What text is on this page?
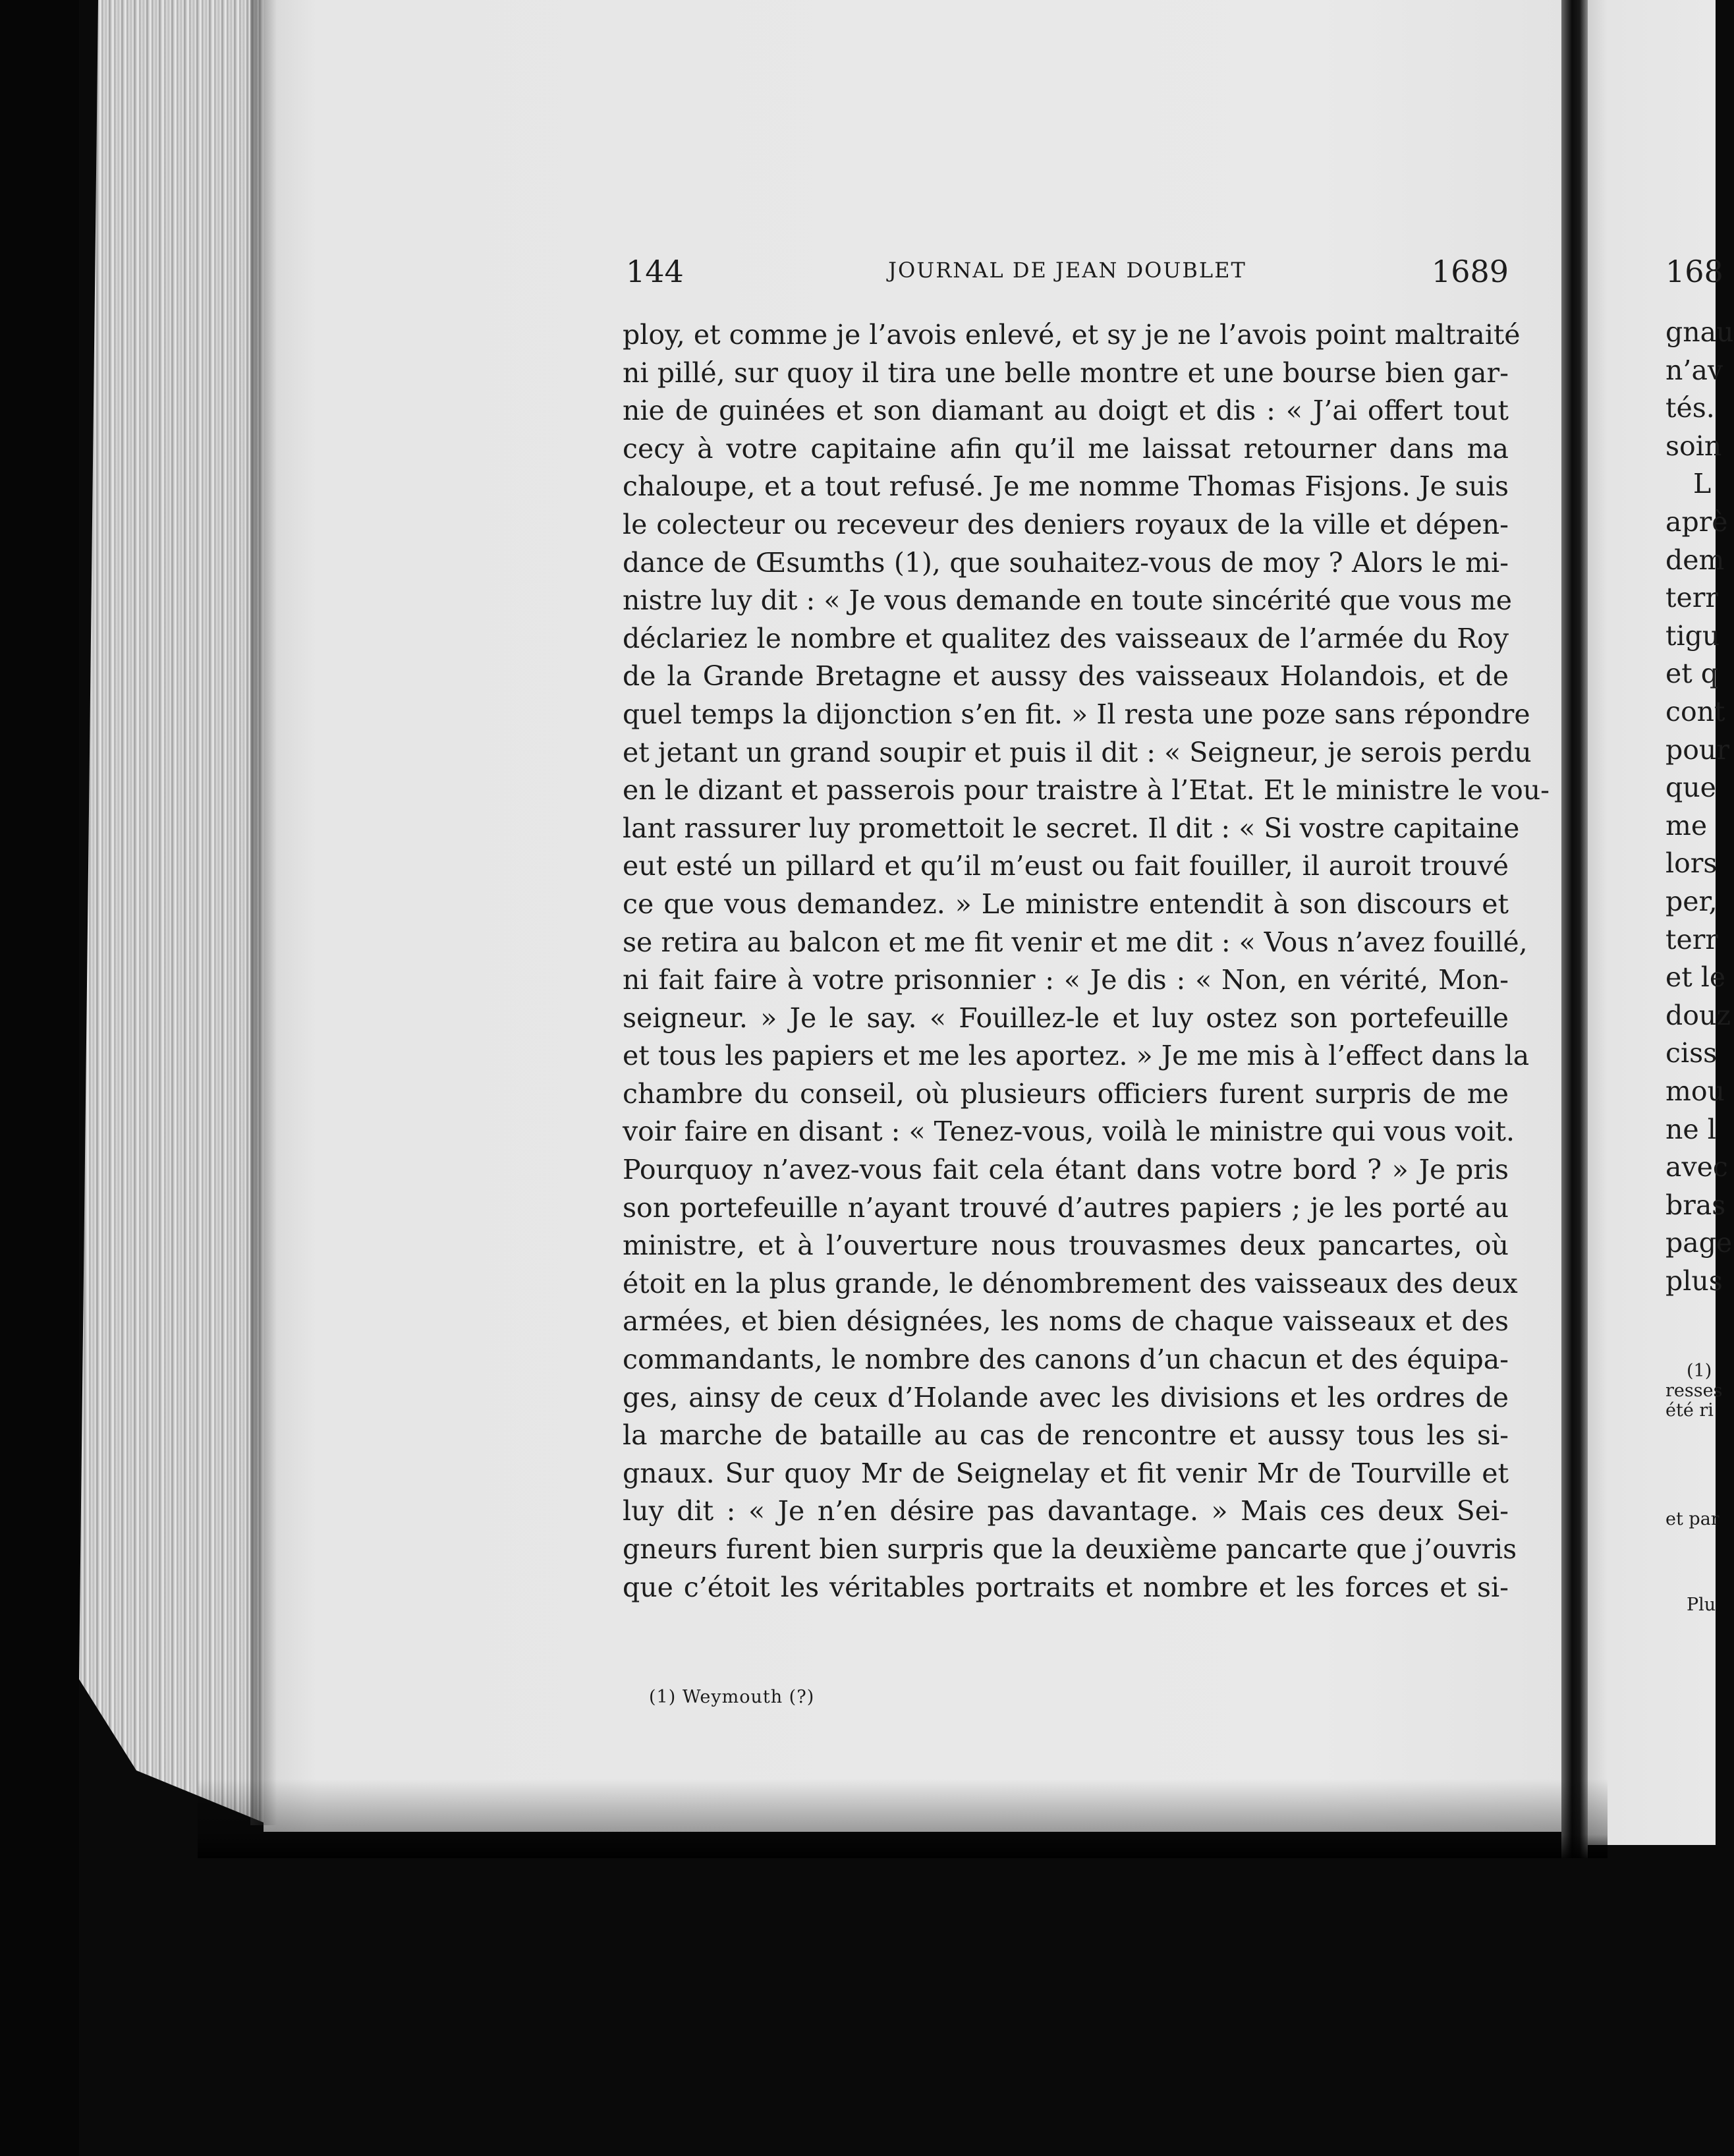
144	JOURNAL DE JEAN DOUBLET	1689
ploy, et comme je l’avois enlevé, et sy je ne l’avois point maltraité
ni pillé, sur quoy il tira une belle montre et une bourse bien gar-
nie de guinées et son diamant au doigt et dis : « J’ai offert tout
cecy à votre capitaine afin qu’il me laissat retourner dans ma
chaloupe, et a tout refusé. Je me nomme Thomas Fisjons. Je suis
le colecteur ou receveur des deniers royaux de la ville et dépen-
dance de Œsumths (1), que souhaitez-vous de moy ? Alors le mi-
nistre luy dit : « Je vous demande en toute sincérité que vous me
déclariez le nombre et qualitez des vaisseaux de l’armée du Roy
de la Grande Bretagne et aussy des vaisseaux Holandois, et de
quel temps la dijonction s’en fit. » Il resta une poze sans répondre
et jetant un grand soupir et puis il dit : « Seigneur, je serois perdu
en le dizant et passerois pour traistre à l’Etat. Et le ministre le vou-
lant rassurer luy promettoit le secret. Il dit : « Si vostre capitaine
eut esté un pillard et qu’il m’eust ou fait fouiller, il auroit trouvé
ce que vous demandez. » Le ministre entendit à son discours et
se retira au balcon et me fit venir et me dit : « Vous n’avez fouillé,
ni fait faire à votre prisonnier : « Je dis : « Non, en vérité, Mon-
seigneur. » Je le say. « Fouillez-le et luy ostez son portefeuille
et tous les papiers et me les aportez. » Je me mis à l’effect dans la
chambre du conseil, où plusieurs officiers furent surpris de me
voir faire en disant : « Tenez-vous, voilà le ministre qui vous voit.
Pourquoy n’avez-vous fait cela étant dans votre bord ? » Je pris
son portefeuille n’ayant trouvé d’autres papiers ; je les porté au
ministre, et à l’ouverture nous trouvasmes deux pancartes, où
étoit en la plus grande, le dénombrement des vaisseaux des deux
armées, et bien désignées, les noms de chaque vaisseaux et des
commandants, le nombre des canons d’un chacun et des équipa-
ges, ainsy de ceux d’Holande avec les divisions et les ordres de
la marche de bataille au cas de rencontre et aussy tous les si-
gnaux. Sur quoy Mr de Seignelay et fit venir Mr de Tourville et
luy dit : « Je n’en désire pas davantage. » Mais ces deux Sei-
gneurs furent bien surpris que la deuxième pancarte que j’ouvris
que c’étoit les véritables portraits et nombre et les forces et si-
(1) Weymouth (?)
168
gnau
n’av
tés.
soin
L
aprè
dem
terr
tigu
et q
cont
pour
que
me
lors
per,
terr
et le
douz
ciss
mou
ne l
avec
bras
page
plus
(1)
resses
été ri
et par
Plu
